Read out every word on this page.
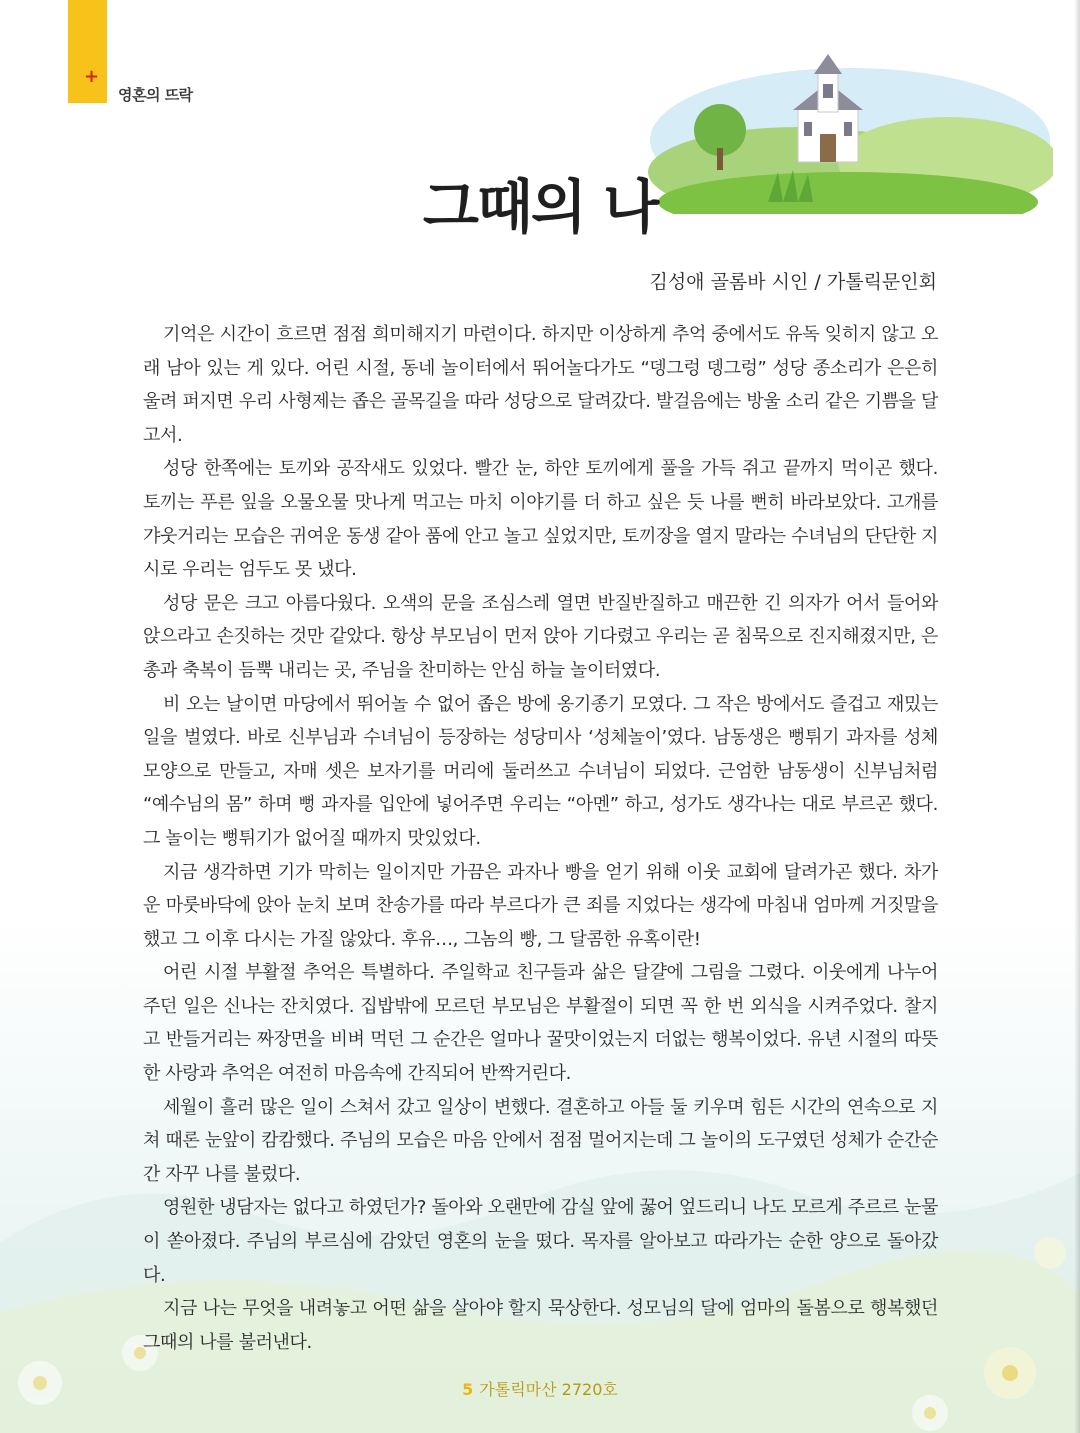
+
영혼의 뜨락
그때의 나
김성애 골롬바 시인 / 가톨릭문인회

기억은 시간이 흐르면 점점 희미해지기 마련이다. 하지만 이상하게 추억 중에서도 유독 잊히지 않고 오래 남아 있는 게 있다. 어린 시절, 동네 놀이터에서 뛰어놀다가도 “뎅그렁 뎅그렁” 성당 종소리가 은은히 울려 퍼지면 우리 사형제는 좁은 골목길을 따라 성당으로 달려갔다. 발걸음에는 방울 소리 같은 기쁨을 달고서.

성당 한쪽에는 토끼와 공작새도 있었다. 빨간 눈, 하얀 토끼에게 풀을 가득 쥐고 끝까지 먹이곤 했다. 토끼는 푸른 잎을 오물오물 맛나게 먹고는 마치 이야기를 더 하고 싶은 듯 나를 뻔히 바라보았다. 고개를 갸웃거리는 모습은 귀여운 동생 같아 품에 안고 놀고 싶었지만, 토끼장을 열지 말라는 수녀님의 단단한 지시로 우리는 엄두도 못 냈다.

성당 문은 크고 아름다웠다. 오색의 문을 조심스레 열면 반질반질하고 매끈한 긴 의자가 어서 들어와 앉으라고 손짓하는 것만 같았다. 항상 부모님이 먼저 앉아 기다렸고 우리는 곧 침묵으로 진지해졌지만, 은총과 축복이 듬뿍 내리는 곳, 주님을 찬미하는 안심 하늘 놀이터였다.

비 오는 날이면 마당에서 뛰어놀 수 없어 좁은 방에 옹기종기 모였다. 그 작은 방에서도 즐겁고 재밌는 일을 벌였다. 바로 신부님과 수녀님이 등장하는 성당미사 ‘성체놀이’였다. 남동생은 뻥튀기 과자를 성체 모양으로 만들고, 자매 셋은 보자기를 머리에 둘러쓰고 수녀님이 되었다. 근엄한 남동생이 신부님처럼 “예수님의 몸” 하며 뻥 과자를 입안에 넣어주면 우리는 “아멘” 하고, 성가도 생각나는 대로 부르곤 했다. 그 놀이는 뻥튀기가 없어질 때까지 맛있었다.

지금 생각하면 기가 막히는 일이지만 가끔은 과자나 빵을 얻기 위해 이웃 교회에 달려가곤 했다. 차가운 마룻바닥에 앉아 눈치 보며 찬송가를 따라 부르다가 큰 죄를 지었다는 생각에 마침내 엄마께 거짓말을 했고 그 이후 다시는 가질 않았다. 후유…, 그놈의 빵, 그 달콤한 유혹이란!

어린 시절 부활절 추억은 특별하다. 주일학교 친구들과 삶은 달걀에 그림을 그렸다. 이웃에게 나누어 주던 일은 신나는 잔치였다. 집밥밖에 모르던 부모님은 부활절이 되면 꼭 한 번 외식을 시켜주었다. 찰지고 반들거리는 짜장면을 비벼 먹던 그 순간은 얼마나 꿀맛이었는지 더없는 행복이었다. 유년 시절의 따뜻한 사랑과 추억은 여전히 마음속에 간직되어 반짝거린다.

세월이 흘러 많은 일이 스쳐서 갔고 일상이 변했다. 결혼하고 아들 둘 키우며 힘든 시간의 연속으로 지쳐 때론 눈앞이 캄캄했다. 주님의 모습은 마음 안에서 점점 멀어지는데 그 놀이의 도구였던 성체가 순간순간 자꾸 나를 불렀다.

영원한 냉담자는 없다고 하였던가? 돌아와 오랜만에 감실 앞에 꿇어 엎드리니 나도 모르게 주르르 눈물이 쏟아졌다. 주님의 부르심에 감았던 영혼의 눈을 떴다. 목자를 알아보고 따라가는 순한 양으로 돌아갔다.

지금 나는 무엇을 내려놓고 어떤 삶을 살아야 할지 묵상한다. 성모님의 달에 엄마의 돌봄으로 행복했던 그때의 나를 불러낸다.

5 가톨릭마산 2720호
